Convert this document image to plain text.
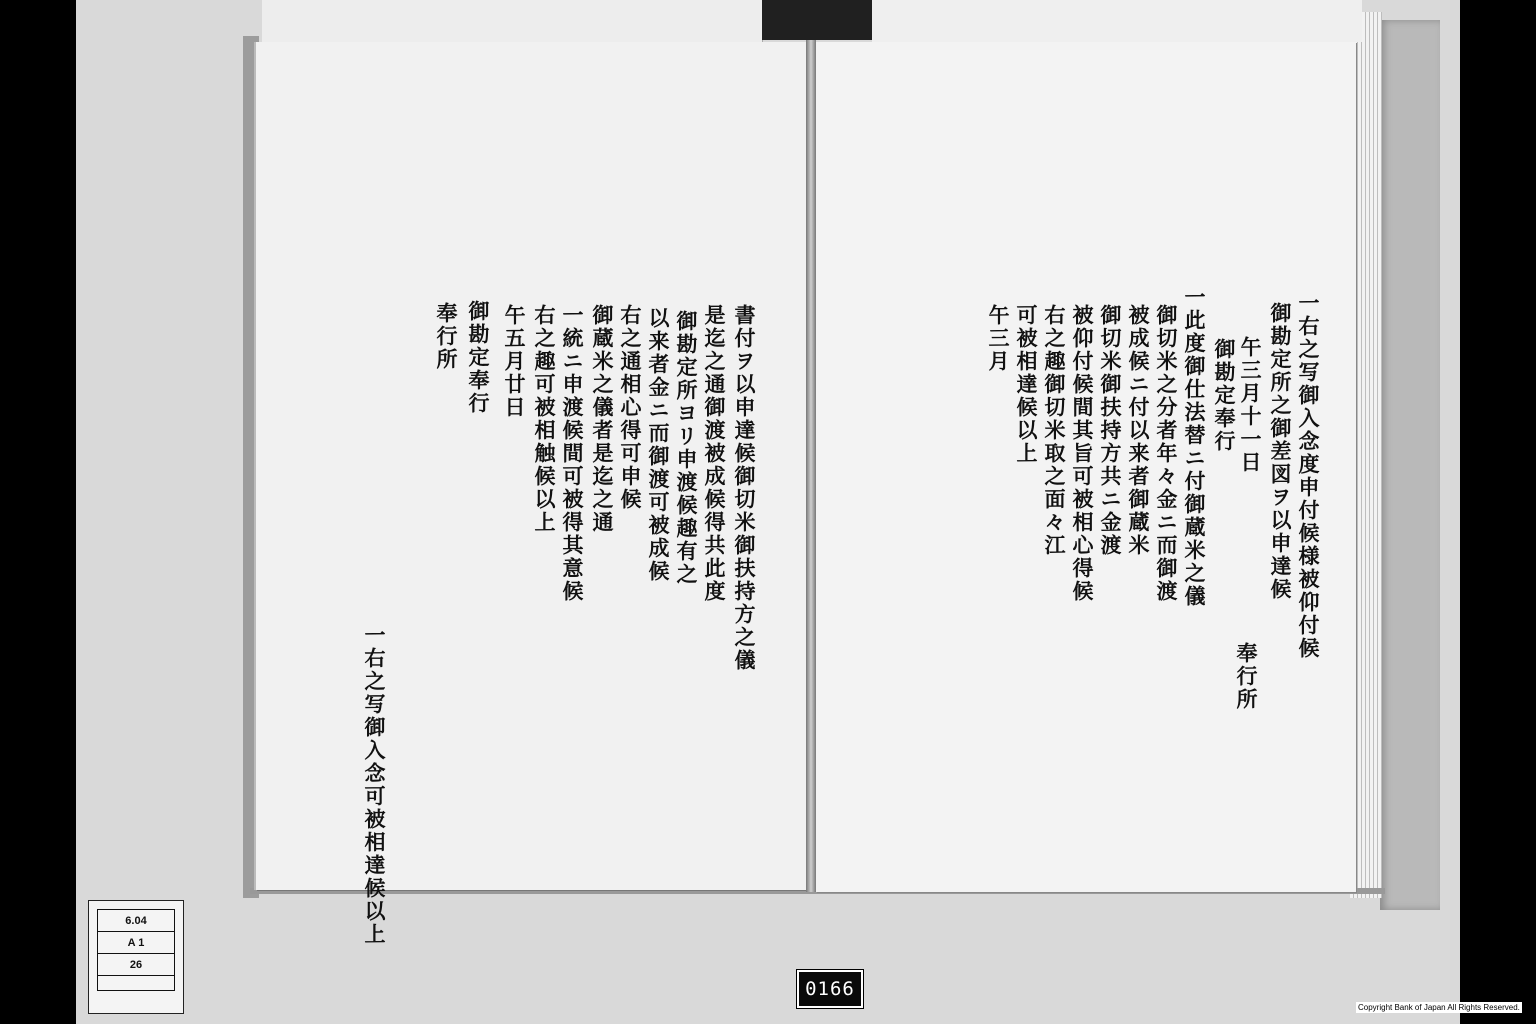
書付ヲ以申達候御切米御扶持方之儀
是迄之通御渡被成候得共此度
御勘定所ヨリ申渡候趣有之
以来者金ニ而御渡可被成候
右之通相心得可申候
御蔵米之儀者是迄之通
一統ニ申渡候間可被得其意候
右之趣可被相触候以上
午五月廿日
御勘定奉行
奉行所
一右之写御入念可被相達候以上
一右之写御入念度申付候様被仰付候
御勘定所之御差図ヲ以申達候
午三月十一日
御勘定奉行
一此度御仕法替ニ付御蔵米之儀
御切米之分者年々金ニ而御渡
被成候ニ付以来者御蔵米
御切米御扶持方共ニ金渡
被仰付候間其旨可被相心得候
右之趣御切米取之面々江
可被相達候以上
午三月
奉行所
6.04
A 1
26
0166
Copyright Bank of Japan All Rights Reserved.
